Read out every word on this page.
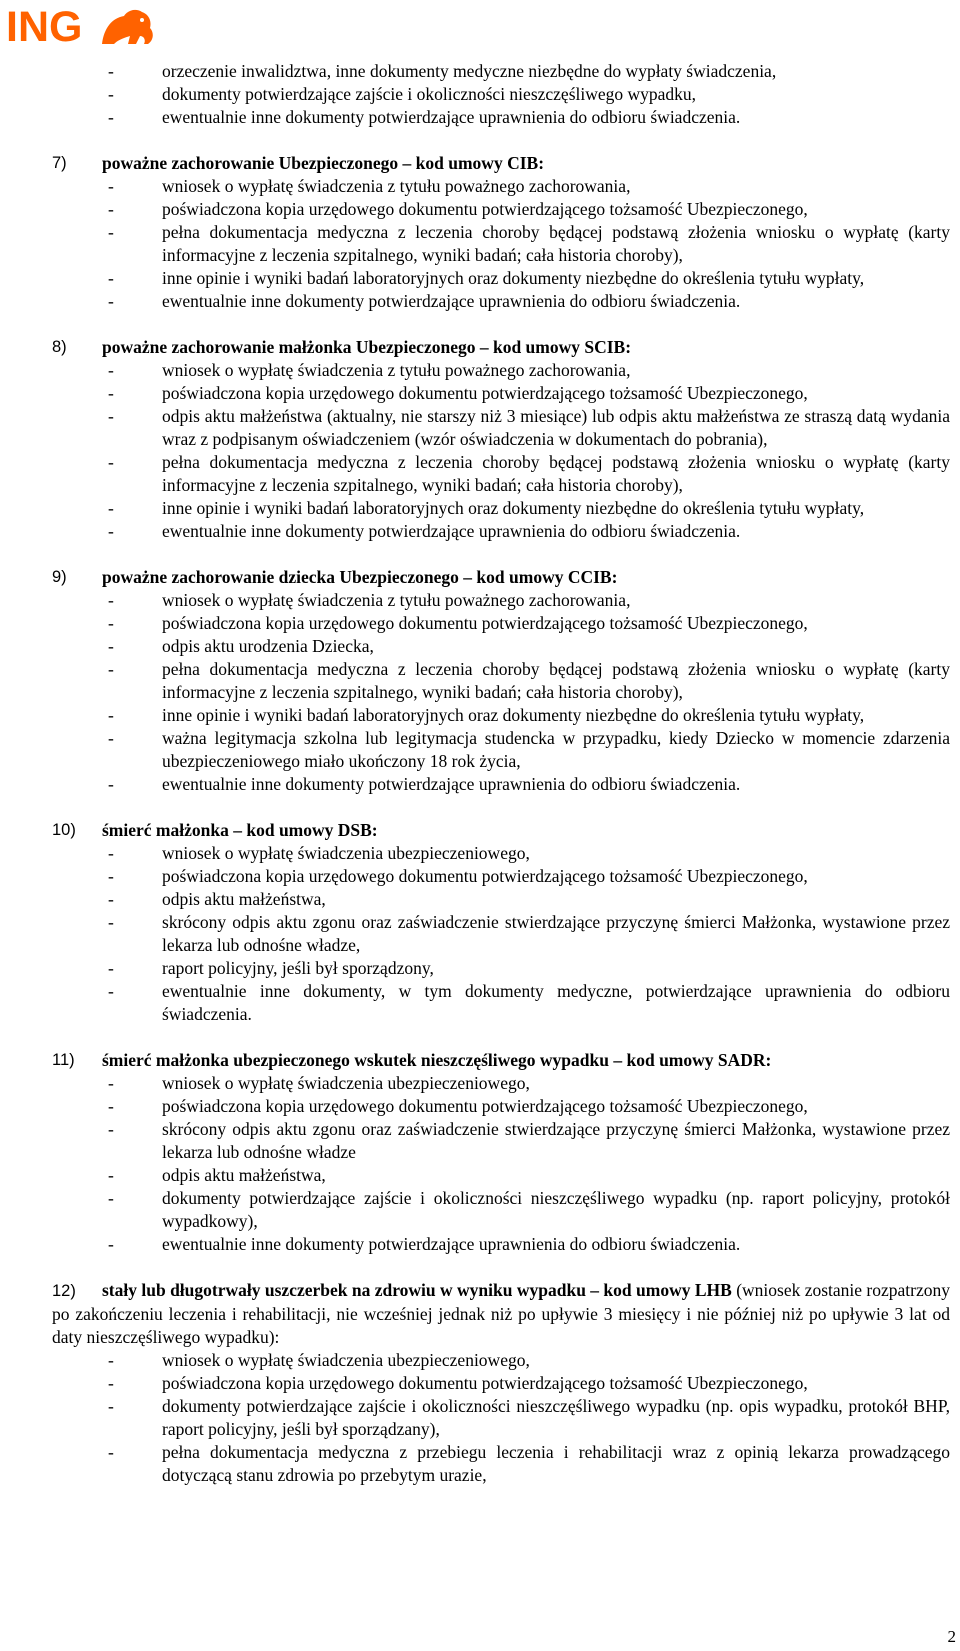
ING
-	orzeczenie inwalidztwa, inne dokumenty medyczne niezbędne do wypłaty świadczenia,
-	dokumenty potwierdzające zajście i okoliczności nieszczęśliwego wypadku,
-	ewentualnie inne dokumenty potwierdzające uprawnienia do odbioru świadczenia.
7)	poważne zachorowanie Ubezpieczonego – kod umowy CIB:
-	wniosek o wypłatę świadczenia z tytułu poważnego zachorowania,
-	poświadczona kopia urzędowego dokumentu potwierdzającego tożsamość Ubezpieczonego,
-	pełna dokumentacja medyczna z leczenia choroby będącej podstawą złożenia wniosku o wypłatę (karty informacyjne z leczenia szpitalnego, wyniki badań; cała historia choroby),
-	inne opinie i wyniki badań laboratoryjnych oraz dokumenty niezbędne do określenia tytułu wypłaty,
-	ewentualnie inne dokumenty potwierdzające uprawnienia do odbioru świadczenia.
8)	poważne zachorowanie małżonka Ubezpieczonego – kod umowy SCIB:
-	wniosek o wypłatę świadczenia z tytułu poważnego zachorowania,
-	poświadczona kopia urzędowego dokumentu potwierdzającego tożsamość Ubezpieczonego,
-	odpis aktu małżeństwa (aktualny, nie starszy niż 3 miesiące) lub odpis aktu małżeństwa ze straszą datą wydania wraz z podpisanym oświadczeniem (wzór oświadczenia w dokumentach do pobrania),
-	pełna dokumentacja medyczna z leczenia choroby będącej podstawą złożenia wniosku o wypłatę (karty informacyjne z leczenia szpitalnego, wyniki badań; cała historia choroby),
-	inne opinie i wyniki badań laboratoryjnych oraz dokumenty niezbędne do określenia tytułu wypłaty,
-	ewentualnie inne dokumenty potwierdzające uprawnienia do odbioru świadczenia.
9)	poważne zachorowanie dziecka Ubezpieczonego – kod umowy CCIB:
-	wniosek o wypłatę świadczenia z tytułu poważnego zachorowania,
-	poświadczona kopia urzędowego dokumentu potwierdzającego tożsamość Ubezpieczonego,
-	odpis aktu urodzenia Dziecka,
-	pełna dokumentacja medyczna z leczenia choroby będącej podstawą złożenia wniosku o wypłatę (karty informacyjne z leczenia szpitalnego, wyniki badań; cała historia choroby),
-	inne opinie i wyniki badań laboratoryjnych oraz dokumenty niezbędne do określenia tytułu wypłaty,
-	ważna legitymacja szkolna lub legitymacja studencka w przypadku, kiedy Dziecko w momencie zdarzenia ubezpieczeniowego miało ukończony 18 rok życia,
-	ewentualnie inne dokumenty potwierdzające uprawnienia do odbioru świadczenia.
10)	śmierć małżonka – kod umowy DSB:
-	wniosek o wypłatę świadczenia ubezpieczeniowego,
-	poświadczona kopia urzędowego dokumentu potwierdzającego tożsamość Ubezpieczonego,
-	odpis aktu małżeństwa,
-	skrócony odpis aktu zgonu oraz zaświadczenie stwierdzające przyczynę śmierci Małżonka, wystawione przez lekarza lub odnośne władze,
-	raport policyjny, jeśli był sporządzony,
-	ewentualnie inne dokumenty, w tym dokumenty medyczne, potwierdzające uprawnienia do odbioru świadczenia.
11)	śmierć małżonka ubezpieczonego wskutek nieszczęśliwego wypadku – kod umowy SADR:
-	wniosek o wypłatę świadczenia ubezpieczeniowego,
-	poświadczona kopia urzędowego dokumentu potwierdzającego tożsamość Ubezpieczonego,
-	skrócony odpis aktu zgonu oraz zaświadczenie stwierdzające przyczynę śmierci Małżonka, wystawione przez lekarza lub odnośne władze
-	odpis aktu małżeństwa,
-	dokumenty potwierdzające zajście i okoliczności nieszczęśliwego wypadku (np. raport policyjny, protokół wypadkowy),
-	ewentualnie inne dokumenty potwierdzające uprawnienia do odbioru świadczenia.
12) stały lub długotrwały uszczerbek na zdrowiu w wyniku wypadku – kod umowy LHB (wniosek zostanie rozpatrzony po zakończeniu leczenia i rehabilitacji, nie wcześniej jednak niż po upływie 3 miesięcy i nie później niż po upływie 3 lat od daty nieszczęśliwego wypadku):
-	wniosek o wypłatę świadczenia ubezpieczeniowego,
-	poświadczona kopia urzędowego dokumentu potwierdzającego tożsamość Ubezpieczonego,
-	dokumenty potwierdzające zajście i okoliczności nieszczęśliwego wypadku (np. opis wypadku, protokół BHP, raport policyjny, jeśli był sporządzany),
-	pełna dokumentacja medyczna z przebiegu leczenia i rehabilitacji wraz z opinią lekarza prowadzącego dotyczącą stanu zdrowia po przebytym urazie,
2
